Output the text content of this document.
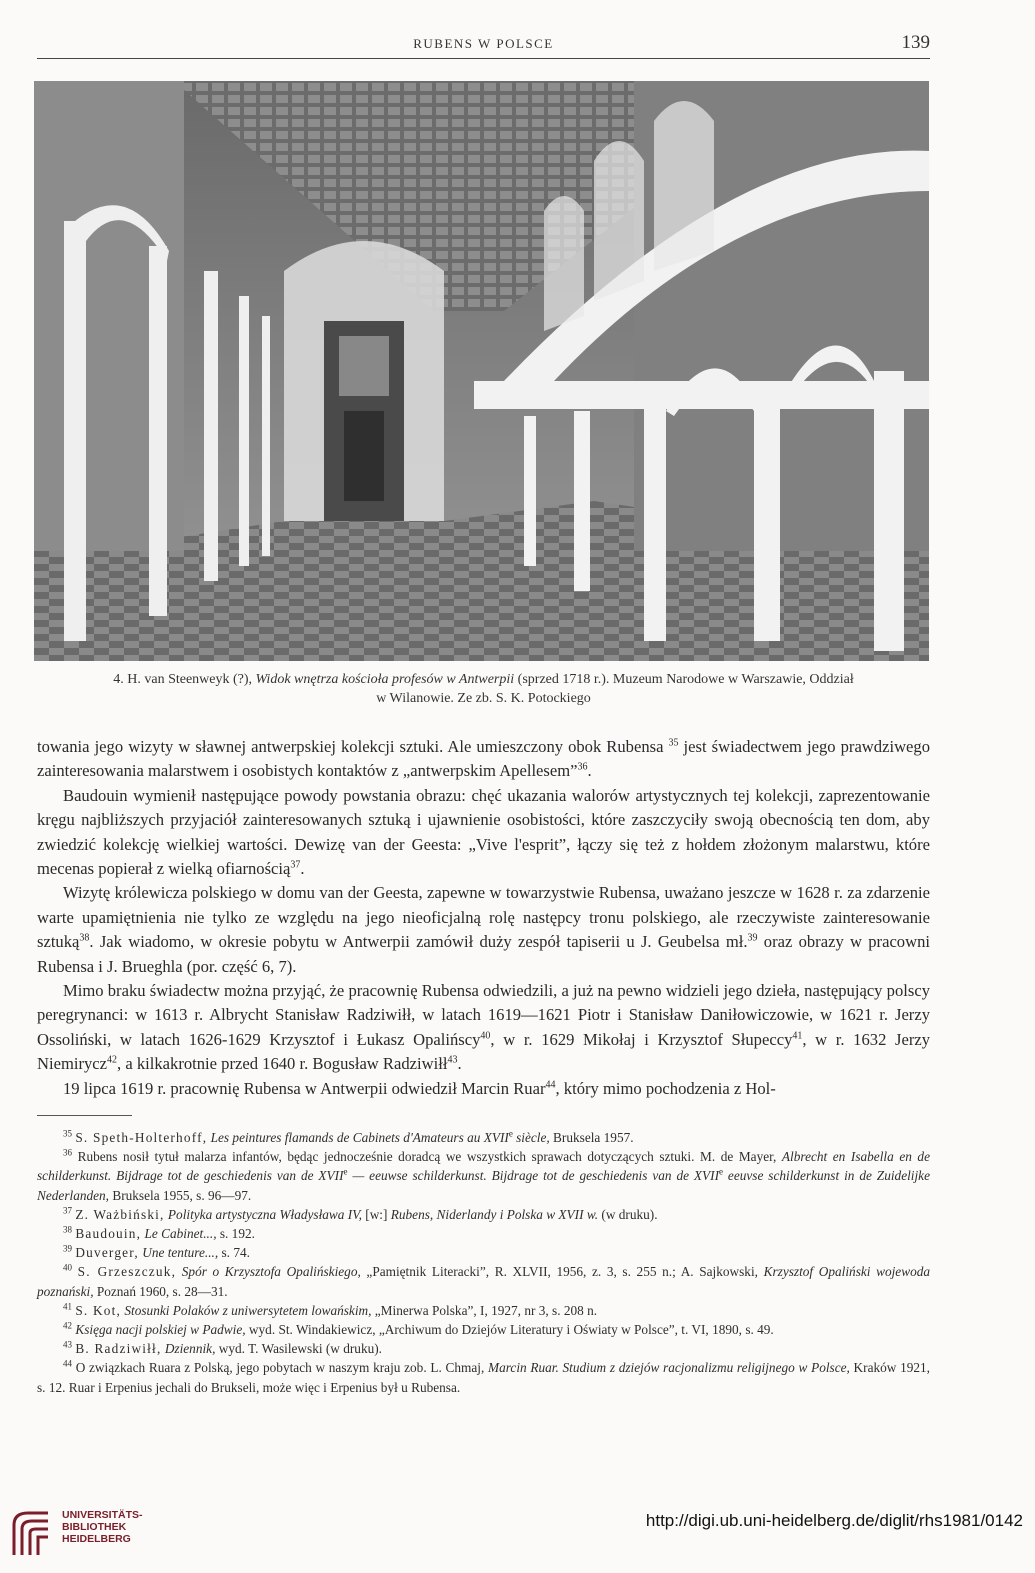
RUBENS W POLSCE	139
4. H. van Steenweyk (?), Widok wnętrza kościoła profesów w Antwerpii (sprzed 1718 r.). Muzeum Narodowe w Warszawie, Oddział
w Wilanowie. Ze zb. S. K. Potockiego

towania jego wizyty w sławnej antwerpskiej kolekcji sztuki. Ale umieszczony obok Rubensa $^{35}$ jest świadectwem jego prawdziwego zainteresowania malarstwem i osobistych kontaktów z „antwerpskim Apellesem”$^{36}$.

Baudouin wymienił następujące powody powstania obrazu: chęć ukazania walorów artystycznych tej kolekcji, zaprezentowanie kręgu najbliższych przyjaciół zainteresowanych sztuką i ujawnienie osobistości, które zaszczyciły swoją obecnością ten dom, aby zwiedzić kolekcję wielkiej wartości. Dewizę van der Geesta: „Vive l'esprit”, łączy się też z hołdem złożonym malarstwu, które mecenas popierał z wielką ofiarnością$^{37}$.

Wizytę królewicza polskiego w domu van der Geesta, zapewne w towarzystwie Rubensa, uważano jeszcze w 1628 r. za zdarzenie warte upamiętnienia nie tylko ze względu na jego nieoficjalną rolę następcy tronu polskiego, ale rzeczywiste zainteresowanie sztuką$^{38}$. Jak wiadomo, w okresie pobytu w Antwerpii zamówił duży zespół tapiserii u J. Geubelsa mł.$^{39}$ oraz obrazy w pracowni Rubensa i J. Brueghla (por. część 6, 7).

Mimo braku świadectw można przyjąć, że pracownię Rubensa odwiedzili, a już na pewno widzieli jego dzieła, następujący polscy peregrynanci: w 1613 r. Albrycht Stanisław Radziwiłł, w latach 1619—1621 Piotr i Stanisław Daniłowiczowie, w 1621 r. Jerzy Ossoliński, w latach 1626-1629 Krzysztof i Łukasz Opalińscy$^{40}$, w r. 1629 Mikołaj i Krzysztof Słupeccy$^{41}$, w r. 1632 Jerzy Niemirycz$^{42}$, a kilkakrotnie przed 1640 r. Bogusław Radziwiłł$^{43}$.

19 lipca 1619 r. pracownię Rubensa w Antwerpii odwiedził Marcin Ruar$^{44}$, który mimo pochodzenia z Hol-

$^{35}$ S. Speth-Holterhoff, Les peintures flamands de Cabinets d'Amateurs au XVIIe siècle, Bruksela 1957.

$^{36}$ Rubens nosił tytuł malarza infantów, będąc jednocześnie doradcą we wszystkich sprawach dotyczących sztuki. M. de Mayer, Albrecht en Isabella en de schilderkunst. Bijdrage tot de geschiedenis van de XVIIe — eeuwse schilderkunst. Bijdrage tot de geschiedenis van de XVIIe eeuvse schilderkunst in de Zuidelijke Nederlanden, Bruksela 1955, s. 96—97.

$^{37}$ Z. Ważbiński, Polityka artystyczna Władysława IV, [w:] Rubens, Niderlandy i Polska w XVII w. (w druku).

$^{38}$ Baudouin, Le Cabinet..., s. 192.

$^{39}$ Duverger, Une tenture..., s. 74.

$^{40}$ S. Grzeszczuk, Spór o Krzysztofa Opalińskiego, „Pamiętnik Literacki”, R. XLVII, 1956, z. 3, s. 255 n.; A. Sajkowski, Krzysztof Opaliński wojewoda poznański, Poznań 1960, s. 28—31.

$^{41}$ S. Kot, Stosunki Polaków z uniwersytetem lowańskim, „Minerwa Polska”, I, 1927, nr 3, s. 208 n.

$^{42}$ Księga nacji polskiej w Padwie, wyd. St. Windakiewicz, „Archiwum do Dziejów Literatury i Oświaty w Polsce”, t. VI, 1890, s. 49.

$^{43}$ B. Radziwiłł, Dziennik, wyd. T. Wasilewski (w druku).

$^{44}$ O związkach Ruara z Polską, jego pobytach w naszym kraju zob. L. Chmaj, Marcin Ruar. Studium z dziejów racjonalizmu religijnego w Polsce, Kraków 1921, s. 12. Ruar i Erpenius jechali do Brukseli, może więc i Erpenius był u Rubensa.

UNIVERSITÄTS-
BIBLIOTHEK
HEIDELBERG
http://digi.ub.uni-heidelberg.de/diglit/rhs1981/0142
